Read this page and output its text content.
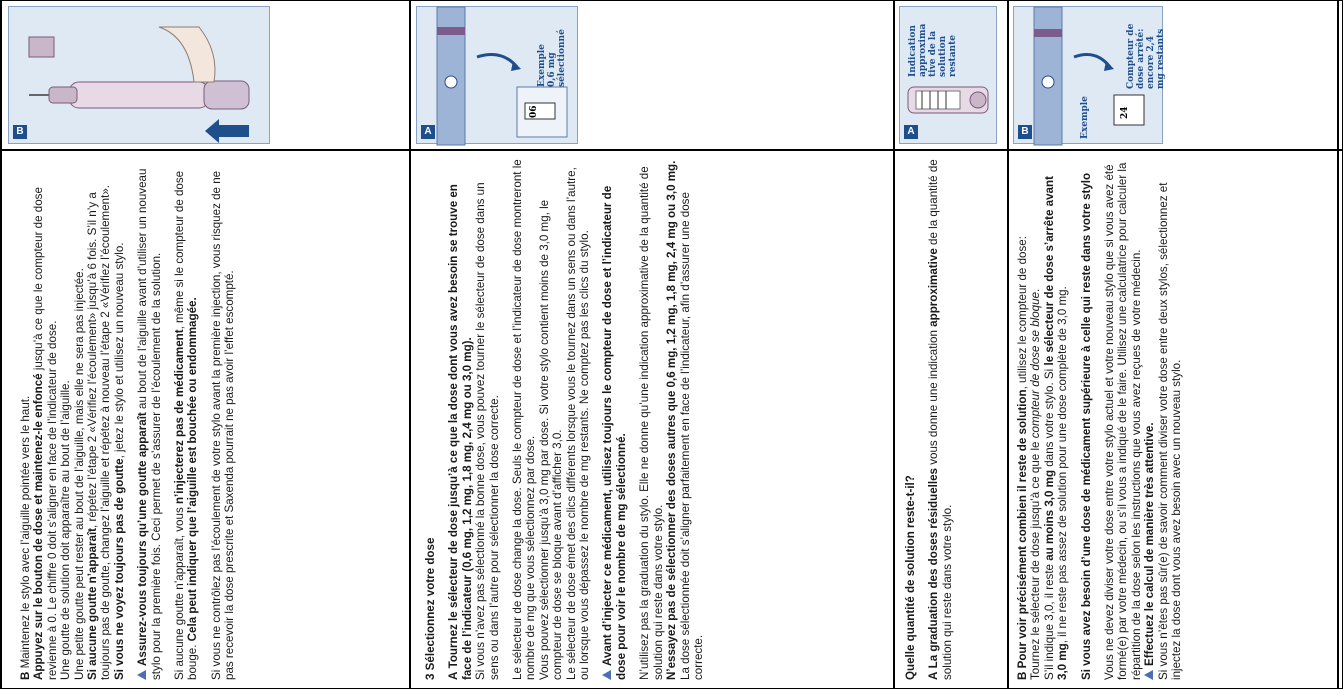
B	A
Exemple
0,6 mg
sélectionné
06
A
Indication
approxima
tive de la
solution
restante
B
Compteur de
dose arrêté:
encore 2,4
mg restants
Exemple	24

B Maintenez le stylo avec l’aiguille pointée vers le haut. Appuyez sur le bouton de dose et maintenez-le enfoncé jusqu’à ce que le compteur de dose revienne à 0. Le chiffre 0 doit s’aligner en face de l’indicateur de dose. Une goutte de solution doit apparaître au bout de l’aiguille. Une petite goutte peut rester au bout de l’aiguille, mais elle ne sera pas injectée. Si aucune goutte n’apparaît, répétez l’étape 2 «Vérifiez l’écoulement» jusqu’à 6 fois. S’il n’y a toujours pas de goutte, changez l’aiguille et répétez à nouveau l’étape 2 «Vérifiez l’écoulement». Si vous ne voyez toujours pas de goutte, jetez le stylo et utilisez un nouveau stylo.

Assurez-vous toujours qu’une goutte apparaît au bout de l’aiguille avant d’utiliser un nouveau stylo pour la première fois. Ceci permet de s’assurer de l’écoulement de la solution. Si aucune goutte n’apparaît, vous n’injecterez pas de médicament, même si le compteur de dose bouge. Cela peut indiquer que l’aiguille est bouchée ou endommagée. Si vous ne contrôlez pas l’écoulement de votre stylo avant la première injection, vous risquez de ne pas recevoir la dose prescrite et Saxenda pourrait ne pas avoir l’effet escompté.	3 Sélectionnez votre dose A Tournez le sélecteur de dose jusqu’à ce que la dose dont vous avez besoin se trouve en face de l’indicateur (0,6 mg, 1,2 mg, 1,8 mg, 2,4 mg ou 3,0 mg). Si vous n’avez pas sélectionné la bonne dose, vous pouvez tourner le sélecteur de dose dans un sens ou dans l’autre pour sélectionner la dose correcte. Le sélecteur de dose change la dose. Seuls le compteur de dose et l’indicateur de dose montreront le nombre de mg que vous sélectionnez par dose. Vous pouvez sélectionner jusqu’à 3,0 mg par dose. Si votre stylo contient moins de 3,0 mg, le compteur de dose se bloque avant d’afficher 3,0. Le sélecteur de dose émet des clics différents lorsque vous le tournez dans un sens ou dans l’autre, ou lorsque vous dépassez le nombre de mg restants. Ne comptez pas les clics du stylo. Avant d’injecter ce médicament, utilisez toujours le compteur de dose et l’indicateur de dose pour voir le nombre de mg sélectionné. N’utilisez pas la graduation du stylo. Elle ne donne qu’une indication approximative de la quantité de solution qui reste dans votre stylo. N’essayez pas de sélectionner des doses autres que 0,6 mg, 1,2 mg, 1,8 mg, 2,4 mg ou 3,0 mg. La dose sélectionnée doit s’aligner parfaitement en face de l’indicateur, afin d’assurer une dose correcte.	Quelle quantité de solution reste-t-il? A La graduation des doses résiduelles vous donne une indication approximative de la quantité de solution qui reste dans votre stylo.	B Pour voir précisément combien il reste de solution, utilisez le compteur de dose:

Tournez le sélecteur de dose jusqu’à ce que le compteur de dose se bloque.

S’il indique 3,0, il reste au moins 3,0 mg dans votre stylo. Si le sélecteur de dose s’arrête avant 3,0 mg, il ne reste pas assez de solution pour une dose complète de 3,0 mg. Si vous avez besoin d’une dose de médicament supérieure à celle qui reste dans votre stylo Vous ne devez diviser votre dose entre votre stylo actuel et votre nouveau stylo que si vous avez été formé(e) par votre médecin, ou s’il vous a indiqué de le faire. Utilisez une calculatrice pour calculer la répartition de la dose selon les instructions que vous avez reçues de votre médecin. Effectuez le calcul de manière très attentive. Si vous n’êtes pas sûr(e) de savoir comment diviser votre dose entre deux stylos, sélectionnez et injectez la dose dont vous avez besoin avec un nouveau stylo.
